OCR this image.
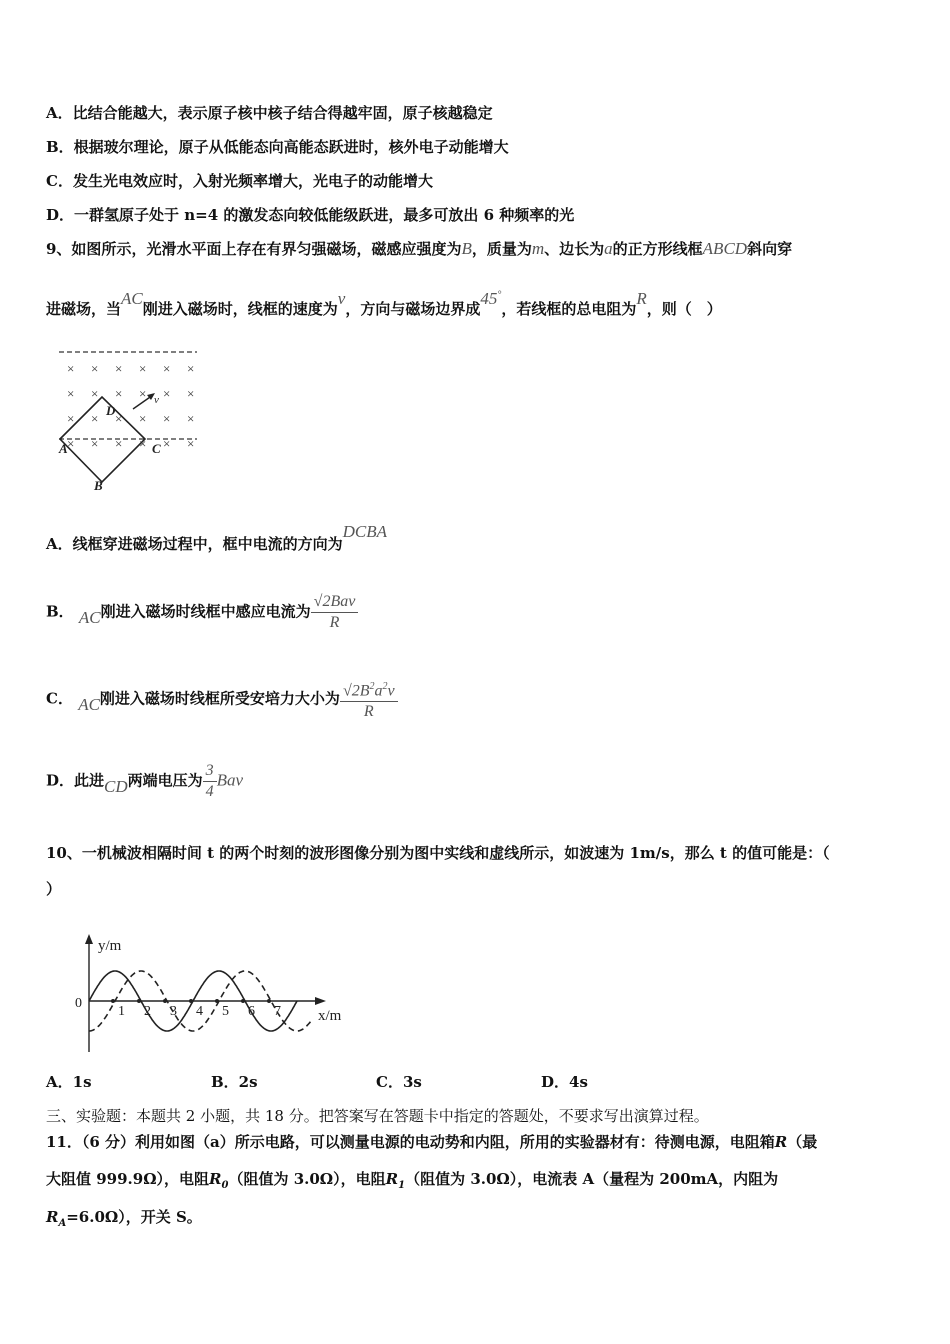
A．比结合能越大，表示原子核中核子结合得越牢固，原子核越稳定
B．根据玻尔理论，原子从低能态向高能态跃进时，核外电子动能增大
C．发生光电效应时，入射光频率增大，光电子的动能增大
D．一群氢原子处于 n=4 的激发态向较低能级跃进，最多可放出 6 种频率的光
9、如图所示，光滑水平面上存在有界匀强磁场，磁感应强度为B，质量为m、边长为a的正方形线框ABCD斜向穿
进磁场，当AC刚进入磁场时，线框的速度为v，方向与磁场边界成45°，若线框的总电阻为R，则（　）
× × × × × ×
× × × × × ×
× × × × × ×
× × × × × ×
D
v
A	C
B
A．线框穿进磁场过程中，框中电流的方向为DCBA
B． AC刚进入磁场时线框中感应电流为 $\frac{\text{√2Bav}}{R}$
C． AC刚进入磁场时线框所受安培力大小为 $\frac{√2B^2a^2v}{R}$
D．此进CD两端电压为 $\frac{3}{4}$ Bav
10、一机械波相隔时间 t 的两个时刻的波形图像分别为图中实线和虚线所示，如波速为 1m/s，那么 t 的值可能是：（
）
y/m
x/m
0
1 2 3 4 5 6 7
A．1s	B．2s	C．3s	D．4s
三、实验题：本题共 2 小题，共 18 分。把答案写在答题卡中指定的答题处，不要求写出演算过程。
11．（6 分）利用如图（a）所示电路，可以测量电源的电动势和内阻，所用的实验器材有：待测电源，电阻箱R（最
大阻值 999.9Ω），电阻$R_0$（阻值为 3.0Ω），电阻$R_1$（阻值为 3.0Ω），电流表 A（量程为 200mA，内阻为
$R_A=6.0\Omega$），开关 S。
